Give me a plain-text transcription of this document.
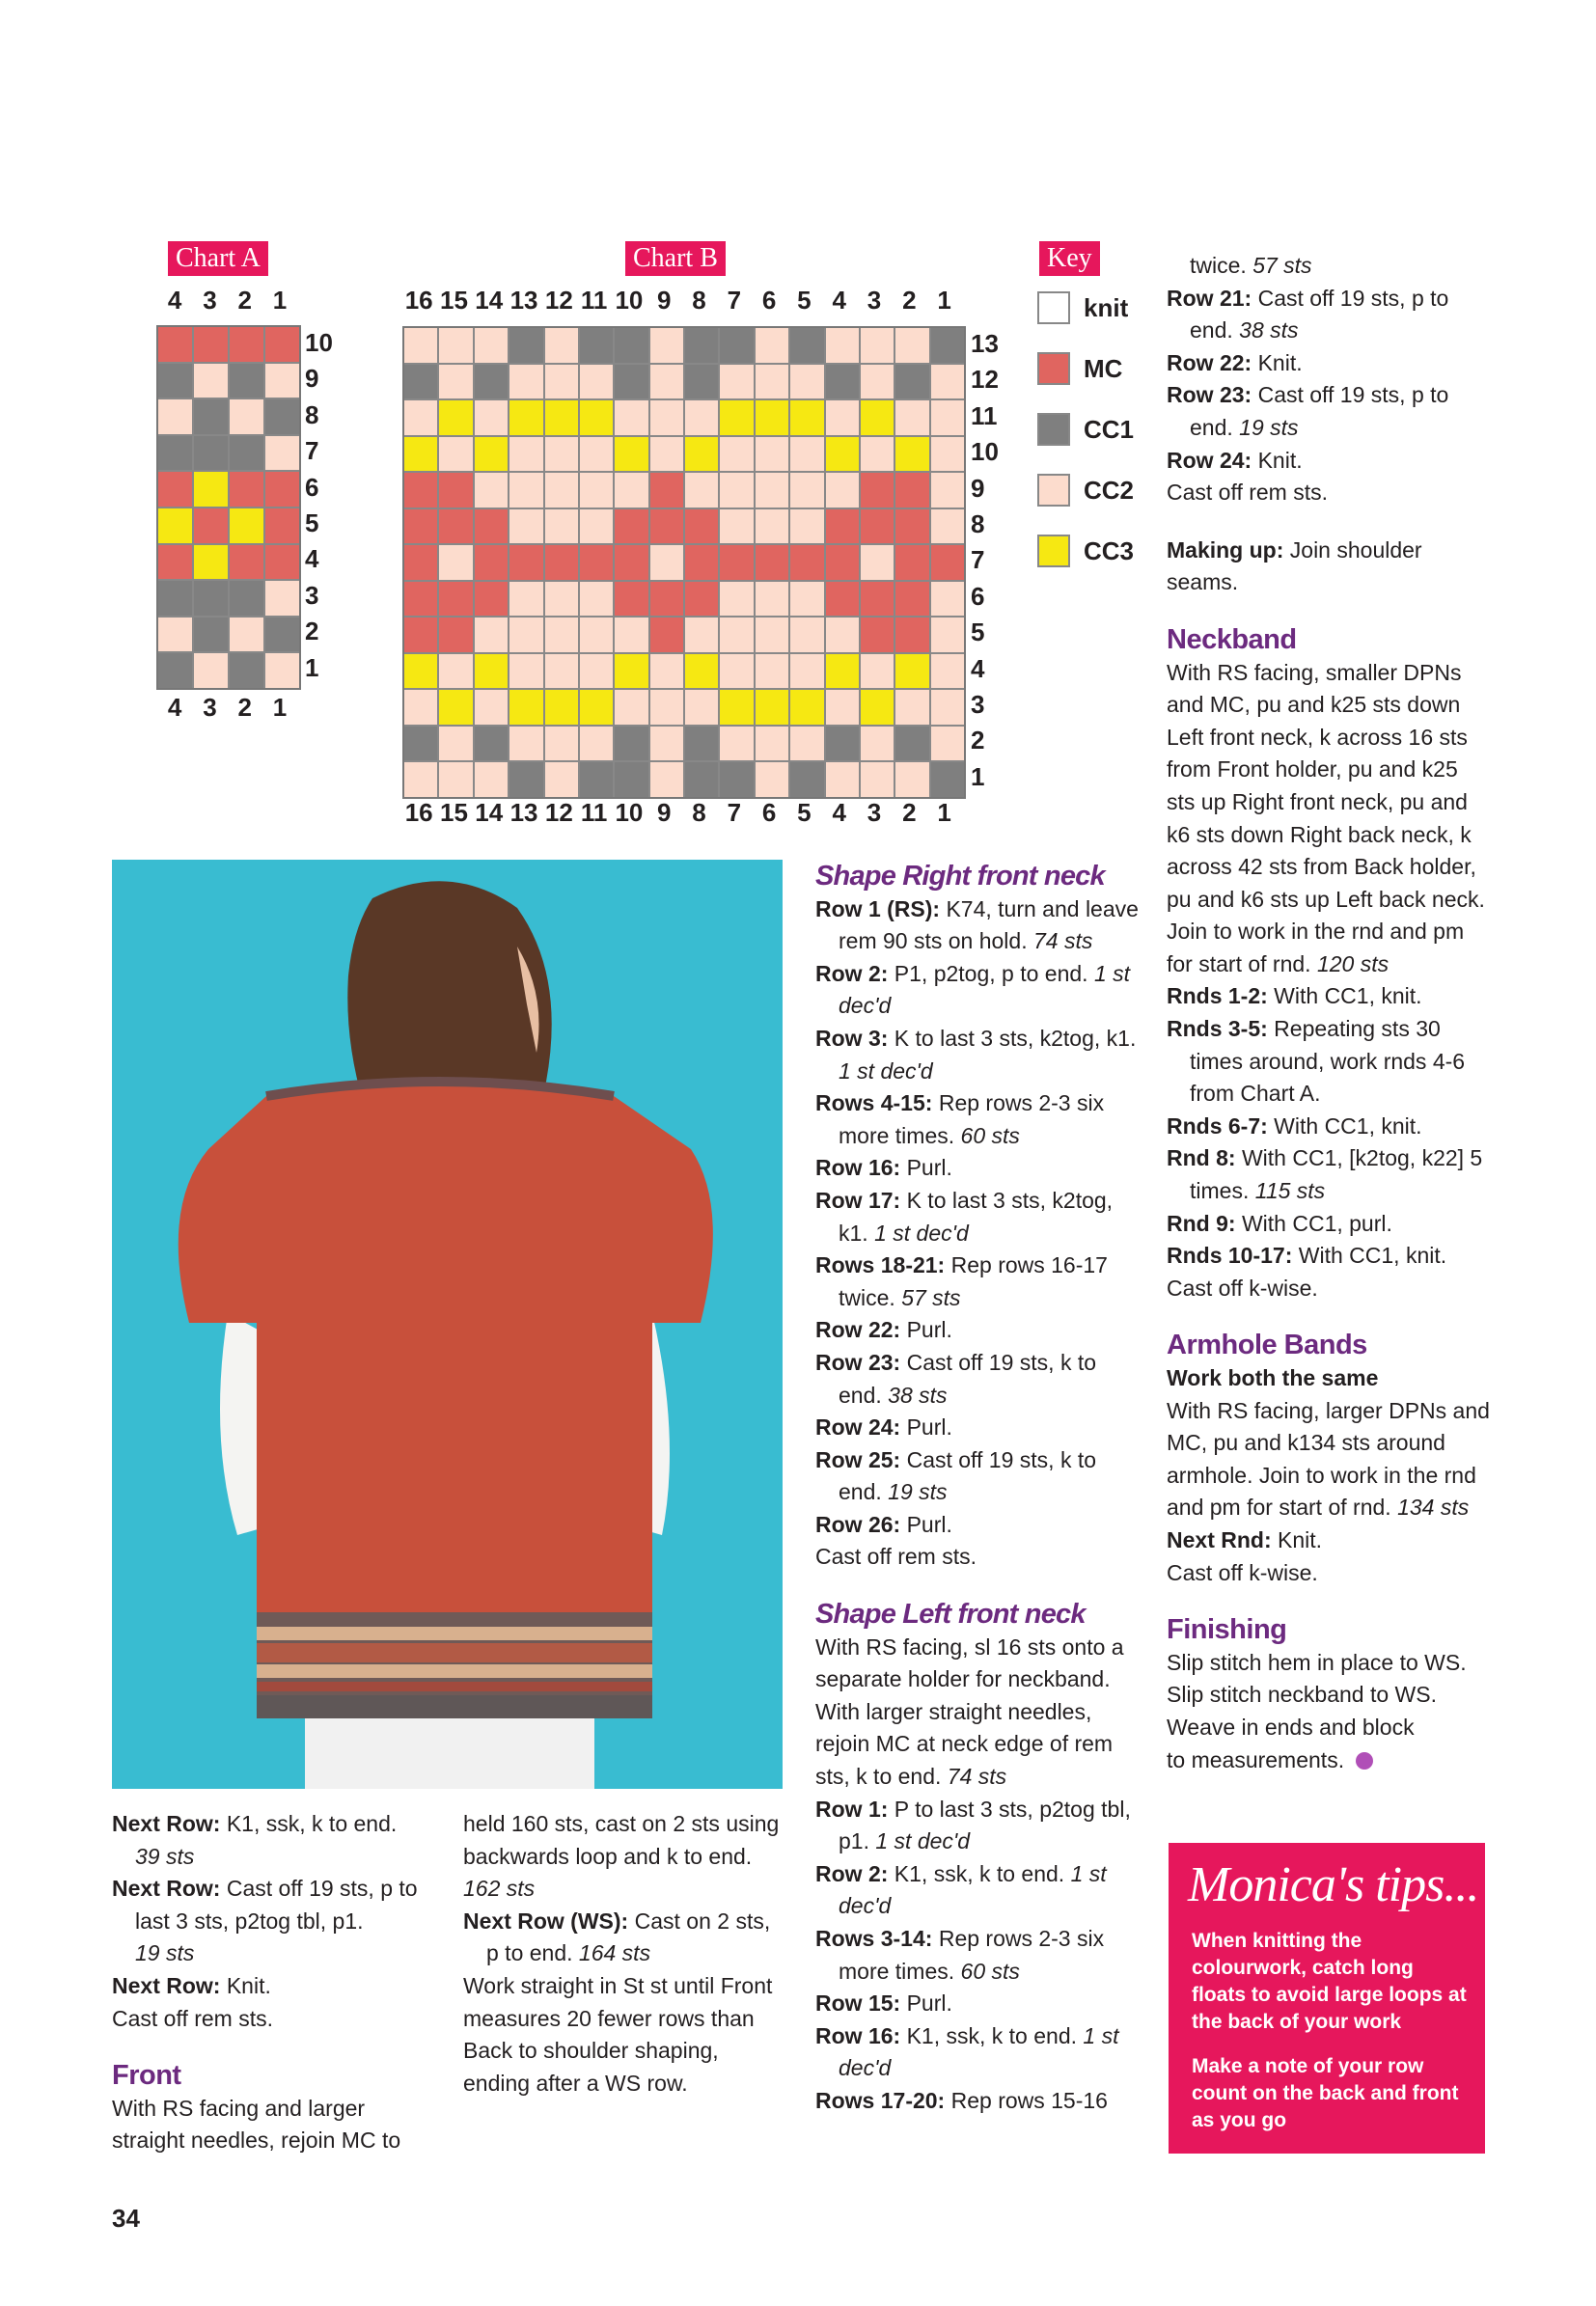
Chart A
4 3 2 1
10
9
8
7
6
5
4
3
2
1
4 3 2 1
Chart B
16 15 14 13 12 11 10 9 8 7 6 5 4 3 2 1
13
12
11
10
9
8
7
6
5
4
3
2
1
16 15 14 13 12 11 10 9 8 7 6 5 4 3 2 1
Key
knit
MC
CC1
CC2
CC3

Next Row: K1, ssk, k to end.

39 sts

Next Row: Cast off 19 sts, p to last 3 sts, p2tog tbl, p1.

19 sts

Next Row: Knit.

Cast off rem sts.

Front

With RS facing and larger straight needles, rejoin MC to

held 160 sts, cast on 2 sts using backwards loop and k to end. 162 sts

Next Row (WS): Cast on 2 sts, p to end. 164 sts

Work straight in St st until Front measures 20 fewer rows than Back to shoulder shaping, ending after a WS row.

Shape Right front neck

Row 1 (RS): K74, turn and leave rem 90 sts on hold. 74 sts

Row 2: P1, p2tog, p to end. 1 st dec'd

Row 3: K to last 3 sts, k2tog, k1. 1 st dec'd

Rows 4-15: Rep rows 2-3 six more times. 60 sts

Row 16: Purl.

Row 17: K to last 3 sts, k2tog, k1. 1 st dec'd

Rows 18-21: Rep rows 16-17 twice. 57 sts

Row 22: Purl.

Row 23: Cast off 19 sts, k to end. 38 sts

Row 24: Purl.

Row 25: Cast off 19 sts, k to end. 19 sts

Row 26: Purl.

Cast off rem sts.

Shape Left front neck

With RS facing, sl 16 sts onto a separate holder for neckband. With larger straight needles, rejoin MC at neck edge of rem sts, k to end. 74 sts

Row 1: P to last 3 sts, p2tog tbl, p1. 1 st dec'd

Row 2: K1, ssk, k to end. 1 st dec'd

Rows 3-14: Rep rows 2-3 six more times. 60 sts

Row 15: Purl.

Row 16: K1, ssk, k to end. 1 st dec'd

Rows 17-20: Rep rows 15-16

twice. 57 sts

Row 21: Cast off 19 sts, p to end. 38 sts

Row 22: Knit.

Row 23: Cast off 19 sts, p to end. 19 sts

Row 24: Knit.

Cast off rem sts.

Making up: Join shoulder seams.

Neckband

With RS facing, smaller DPNs and MC, pu and k25 sts down Left front neck, k across 16 sts from Front holder, pu and k25 sts up Right front neck, pu and k6 sts down Right back neck, k across 42 sts from Back holder, pu and k6 sts up Left back neck. Join to work in the rnd and pm for start of rnd. 120 sts

Rnds 1-2: With CC1, knit.

Rnds 3-5: Repeating sts 30 times around, work rnds 4-6 from Chart A.

Rnds 6-7: With CC1, knit.

Rnd 8: With CC1, [k2tog, k22] 5 times. 115 sts

Rnd 9: With CC1, purl.

Rnds 10-17: With CC1, knit.

Cast off k-wise.

Armhole Bands

Work both the same

With RS facing, larger DPNs and MC, pu and k134 sts around armhole. Join to work in the rnd and pm for start of rnd. 134 sts

Next Rnd: Knit.

Cast off k-wise.

Finishing

Slip stitch hem in place to WS.

Slip stitch neckband to WS.

Weave in ends and block

to measurements.

Monica's tips...
When knitting the colourwork, catch long floats to avoid large loops at the back of your work
Make a note of your row count on the back and front as you go
34
